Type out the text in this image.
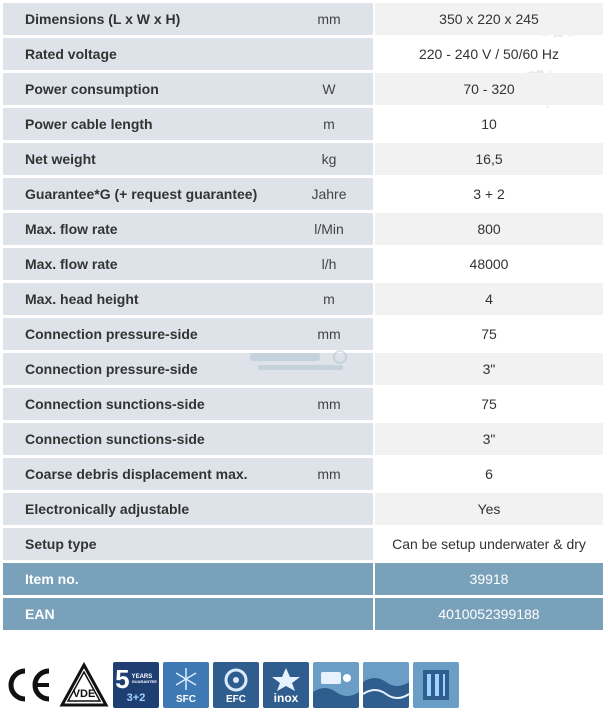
Dimensions (L x W x H) mm		350 x 220 x 245

Rated voltage		220 - 240 V / 50/60 Hz

Power consumption W		70 - 320

Power cable length m		10

Net weight kg		16,5

Guarantee*G (+ request guarantee) Jahre		3 + 2

Max. flow rate l/Min		800

Max. flow rate l/h		48000

Max. head height m		4

Connection pressure-side mm		75

Connection pressure-side		3"

Connection sunctions-side mm		75

Connection sunctions-side		3"

Coarse debris displacement max. mm		6

Electronically adjustable		Yes

Setup type		Can be setup underwater & dry

Item no.		39918

EAN		4010052399188
VDE 5 YEARS
GUARANTEE
3+2	SFC	EFC inox
